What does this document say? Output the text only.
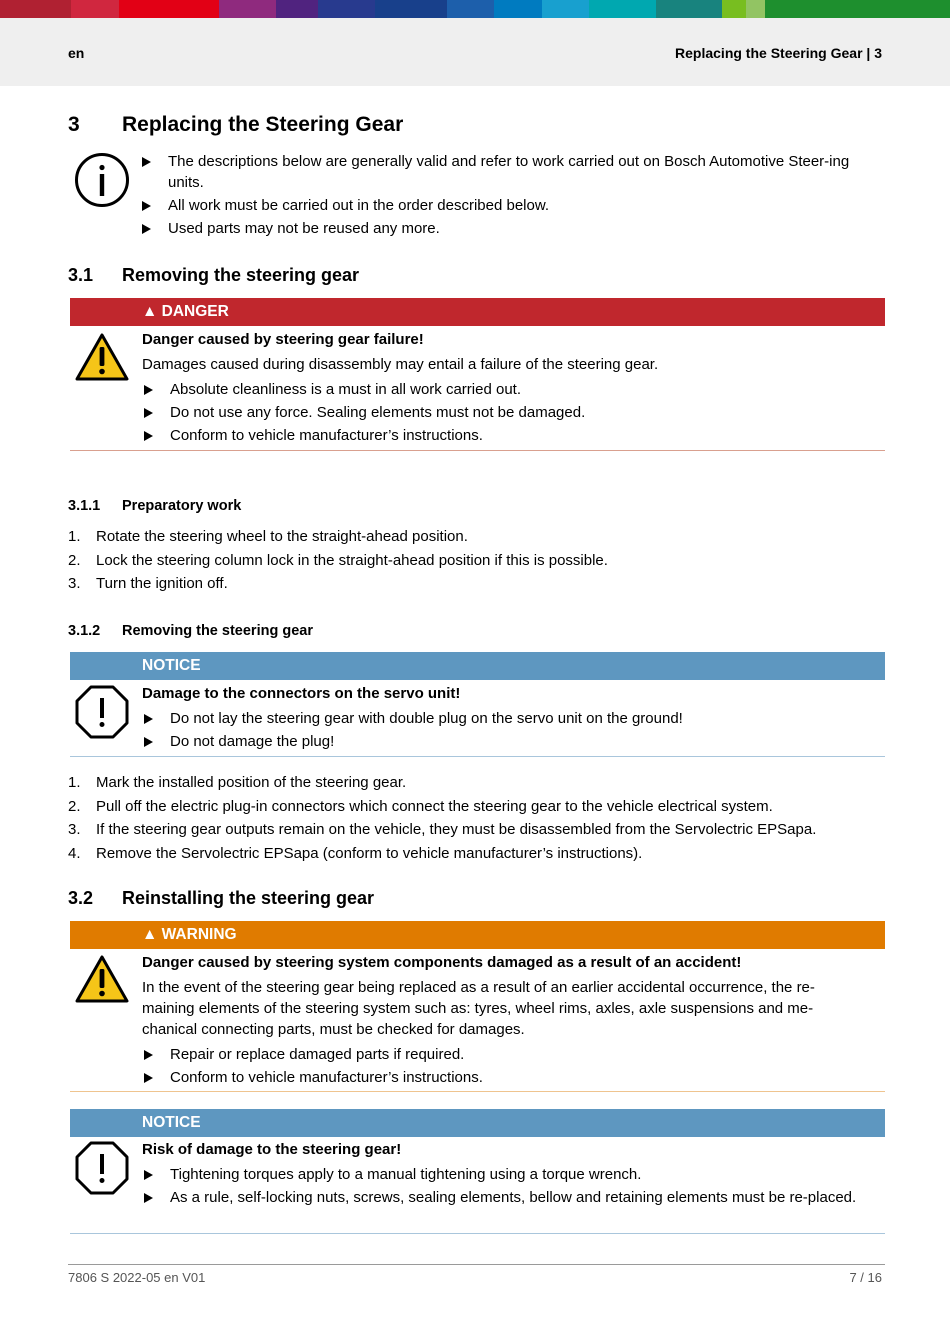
en	Replacing the Steering Gear | 3
3 Replacing the Steering Gear
The descriptions below are generally valid and refer to work carried out on Bosch Automotive Steer-ing units.
All work must be carried out in the order described below.
Used parts may not be reused any more.
3.1 Removing the steering gear
▲ DANGER
Danger caused by steering gear failure!
Damages caused during disassembly may entail a failure of the steering gear.
Absolute cleanliness is a must in all work carried out.
Do not use any force. Sealing elements must not be damaged.
Conform to vehicle manufacturer’s instructions.
3.1.1 Preparatory work
1. Rotate the steering wheel to the straight-ahead position.
2. Lock the steering column lock in the straight-ahead position if this is possible.
3. Turn the ignition off.
3.1.2 Removing the steering gear
NOTICE
Damage to the connectors on the servo unit!
Do not lay the steering gear with double plug on the servo unit on the ground!
Do not damage the plug!
1. Mark the installed position of the steering gear.
2. Pull off the electric plug-in connectors which connect the steering gear to the vehicle electrical system.
3. If the steering gear outputs remain on the vehicle, they must be disassembled from the Servolectric EPSapa.
4. Remove the Servolectric EPSapa (conform to vehicle manufacturer’s instructions).
3.2 Reinstalling the steering gear
▲ WARNING
Danger caused by steering system components damaged as a result of an accident!
In the event of the steering gear being replaced as a result of an earlier accidental occurrence, the re-maining elements of the steering system such as: tyres, wheel rims, axles, axle suspensions and me-chanical connecting parts, must be checked for damages.
Repair or replace damaged parts if required.
Conform to vehicle manufacturer’s instructions.
NOTICE
Risk of damage to the steering gear!
Tightening torques apply to a manual tightening using a torque wrench.
As a rule, self-locking nuts, screws, sealing elements, bellow and retaining elements must be re-placed.
7806 S 2022-05 en V01	7 / 16
